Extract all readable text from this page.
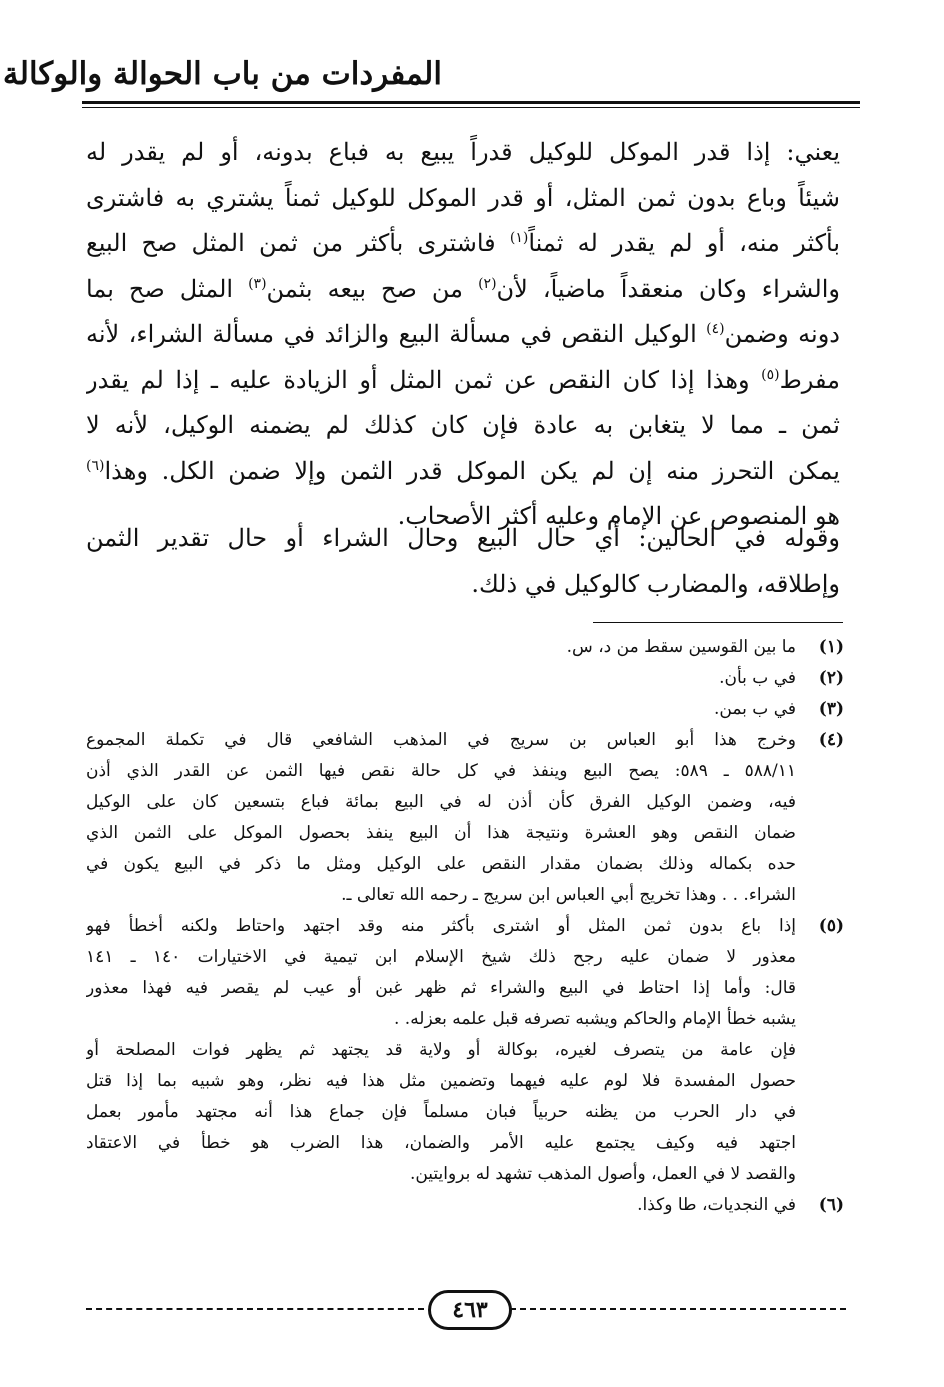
المفردات من باب الحوالة والوكالة
يعني: إذا قدر الموكل للوكيل قدراً يبيع به فباع بدونه، أو لم يقدر له
شيئاً وباع بدون ثمن المثل، أو قدر الموكل للوكيل ثمناً يشتري به فاشترى
بأكثر منه، أو لم يقدر له ثمناً$^{(١)}$ فاشترى بأكثر من ثمن المثل صح البيع
والشراء وكان منعقداً ماضياً، لأن$^{(٢)}$ من صح بيعه بثمن$^{(٣)}$ المثل صح بما
دونه وضمن$^{(٤)}$ الوكيل النقص في مسألة البيع والزائد في مسألة الشراء، لأنه
مفرط$^{(٥)}$ وهذا إذا كان النقص عن ثمن المثل أو الزيادة عليه ـ إذا لم يقدر
ثمن ـ مما لا يتغابن به عادة فإن كان كذلك لم يضمنه الوكيل، لأنه لا
يمكن التحرز منه إن لم يكن الموكل قدر الثمن وإلا ضمن الكل. وهذا$^{(٦)}$
هو المنصوص عن الإمام وعليه أكثر الأصحاب.
وقوله في الحالين: أي حال البيع وحال الشراء أو حال تقدير الثمن
وإطلاقه، والمضارب كالوكيل في ذلك.
(١)
ما بين القوسين سقط من د، س.
(٢)
في ب بأن.
(٣)
في ب بمن.
(٤)
وخرج هذا أبو العباس بن سريج في المذهب الشافعي قال في تكملة المجموع
٥٨٨/١١ ـ ٥٨٩: يصح البيع وينفذ في كل حالة نقص فيها الثمن عن القدر الذي أذن
فيه، وضمن الوكيل الفرق كأن أذن له في البيع بمائة فباع بتسعين كان على الوكيل
ضمان النقص وهو العشرة ونتيجة هذا أن البيع ينفذ بحصول الموكل على الثمن الذي
حده بكماله وذلك بضمان مقدار النقص على الوكيل ومثل ما ذكر في البيع يكون في
الشراء. . . وهذا تخريج أبي العباس ابن سريج ـ رحمه الله تعالى ـ.
(٥)
إذا باع بدون ثمن المثل أو اشترى بأكثر منه وقد اجتهد واحتاط ولكنه أخطأ فهو
معذور لا ضمان عليه رجح ذلك شيخ الإسلام ابن تيمية في الاختيارات ١٤٠ ـ ١٤١
قال: وأما إذا احتاط في البيع والشراء ثم ظهر غبن أو عيب لم يقصر فيه فهذا معذور
يشبه خطأ الإمام والحاكم ويشبه تصرفه قبل علمه بعزله. .
فإن عامة من يتصرف لغيره، بوكالة أو ولاية قد يجتهد ثم يظهر فوات المصلحة أو
حصول المفسدة فلا لوم عليه فيهما وتضمين مثل هذا فيه نظر، وهو شبيه بما إذا قتل
في دار الحرب من يظنه حربياً فبان مسلماً فإن جماع هذا أنه مجتهد مأمور بعمل
اجتهد فيه وكيف يجتمع عليه الأمر والضمان، هذا الضرب هو خطأ في الاعتقاد
والقصد لا في العمل، وأصول المذهب تشهد له بروايتين.
(٦)
في النجديات، طا وكذا.
٤٦٣
